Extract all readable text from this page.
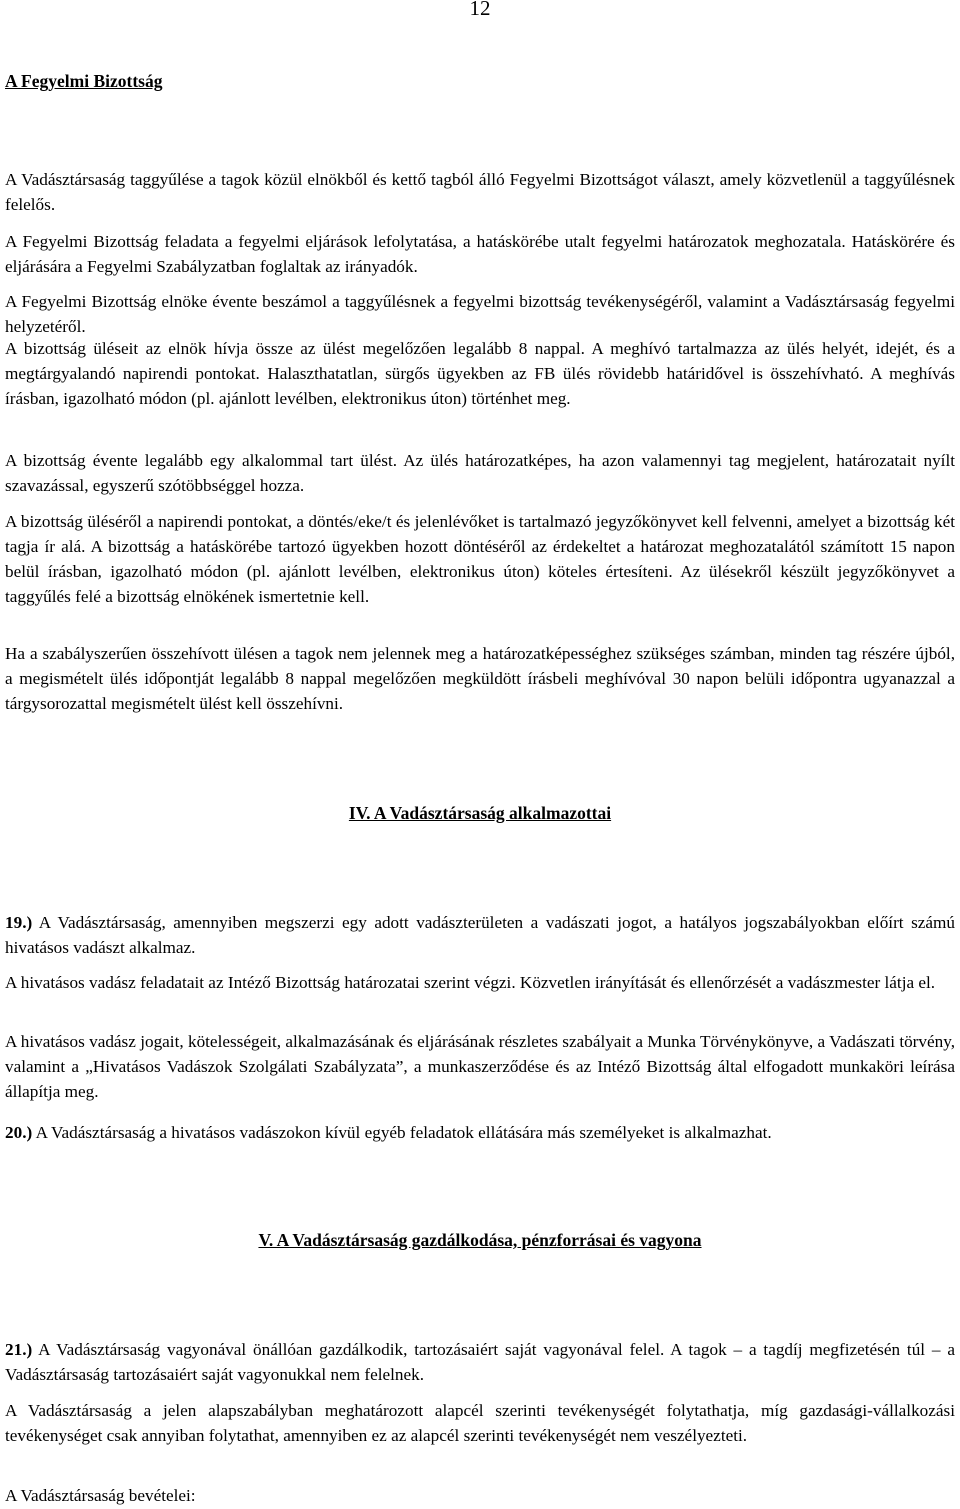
12
A Fegyelmi Bizottság

A Vadásztársaság taggyűlése a tagok közül elnökből és kettő tagból álló Fegyelmi Bizottságot választ, amely közvetlenül a taggyűlésnek felelős.

A Fegyelmi Bizottság feladata a fegyelmi eljárások lefolytatása, a hatáskörébe utalt fegyelmi határozatok meghozatala. Hatáskörére és eljárására a Fegyelmi Szabályzatban foglaltak az irányadók.

A Fegyelmi Bizottság elnöke évente beszámol a taggyűlésnek a fegyelmi bizottság tevékenységéről, valamint a Vadásztársaság fegyelmi helyzetéről.

A bizottság üléseit az elnök hívja össze az ülést megelőzően legalább 8 nappal. A meghívó tartalmazza az ülés helyét, idejét, és a megtárgyalandó napirendi pontokat. Halaszthatatlan, sürgős ügyekben az FB ülés rövidebb határidővel is összehívható. A meghívás írásban, igazolható módon (pl. ajánlott levélben, elektronikus úton) történhet meg.

A bizottság évente legalább egy alkalommal tart ülést. Az ülés határozatképes, ha azon valamennyi tag megjelent, határozatait nyílt szavazással, egyszerű szótöbbséggel hozza.

A bizottság üléséről a napirendi pontokat, a döntés/eke/t és jelenlévőket is tartalmazó jegyzőkönyvet kell felvenni, amelyet a bizottság két tagja ír alá. A bizottság a hatáskörébe tartozó ügyekben hozott döntéséről az érdekeltet a határozat meghozatalától számított 15 napon belül írásban, igazolható módon (pl. ajánlott levélben, elektronikus úton) köteles értesíteni. Az ülésekről készült jegyzőkönyvet a taggyűlés felé a bizottság elnökének ismertetnie kell.

Ha a szabályszerűen összehívott ülésen a tagok nem jelennek meg a határozatképességhez szükséges számban, minden tag részére újból, a megismételt ülés időpontját legalább 8 nappal megelőzően megküldött írásbeli meghívóval 30 napon belüli időpontra ugyanazzal a tárgysorozattal megismételt ülést kell összehívni.

IV. A Vadásztársaság alkalmazottai

19.) A Vadásztársaság, amennyiben megszerzi egy adott vadászterületen a vadászati jogot, a hatályos jogszabályokban előírt számú hivatásos vadászt alkalmaz.

A hivatásos vadász feladatait az Intéző Bizottság határozatai szerint végzi. Közvetlen irányítását és ellenőrzését a vadászmester látja el.

A hivatásos vadász jogait, kötelességeit, alkalmazásának és eljárásának részletes szabályait a Munka Törvénykönyve, a Vadászati törvény, valamint a „Hivatásos Vadászok Szolgálati Szabályzata”, a munkaszerződése és az Intéző Bizottság által elfogadott munkaköri leírása állapítja meg.

20.) A Vadásztársaság a hivatásos vadászokon kívül egyéb feladatok ellátására más személyeket is alkalmazhat.

V. A Vadásztársaság gazdálkodása, pénzforrásai és vagyona

21.) A Vadásztársaság vagyonával önállóan gazdálkodik, tartozásaiért saját vagyonával felel. A tagok – a tagdíj megfizetésén túl – a Vadásztársaság tartozásaiért saját vagyonukkal nem felelnek.

A Vadásztársaság a jelen alapszabályban meghatározott alapcél szerinti tevékenységét folytathatja, míg gazdasági-vállalkozási tevékenységet csak annyiban folytathat, amennyiben ez az alapcél szerinti tevékenységét nem veszélyezteti.

A Vadásztársaság bevételei:
